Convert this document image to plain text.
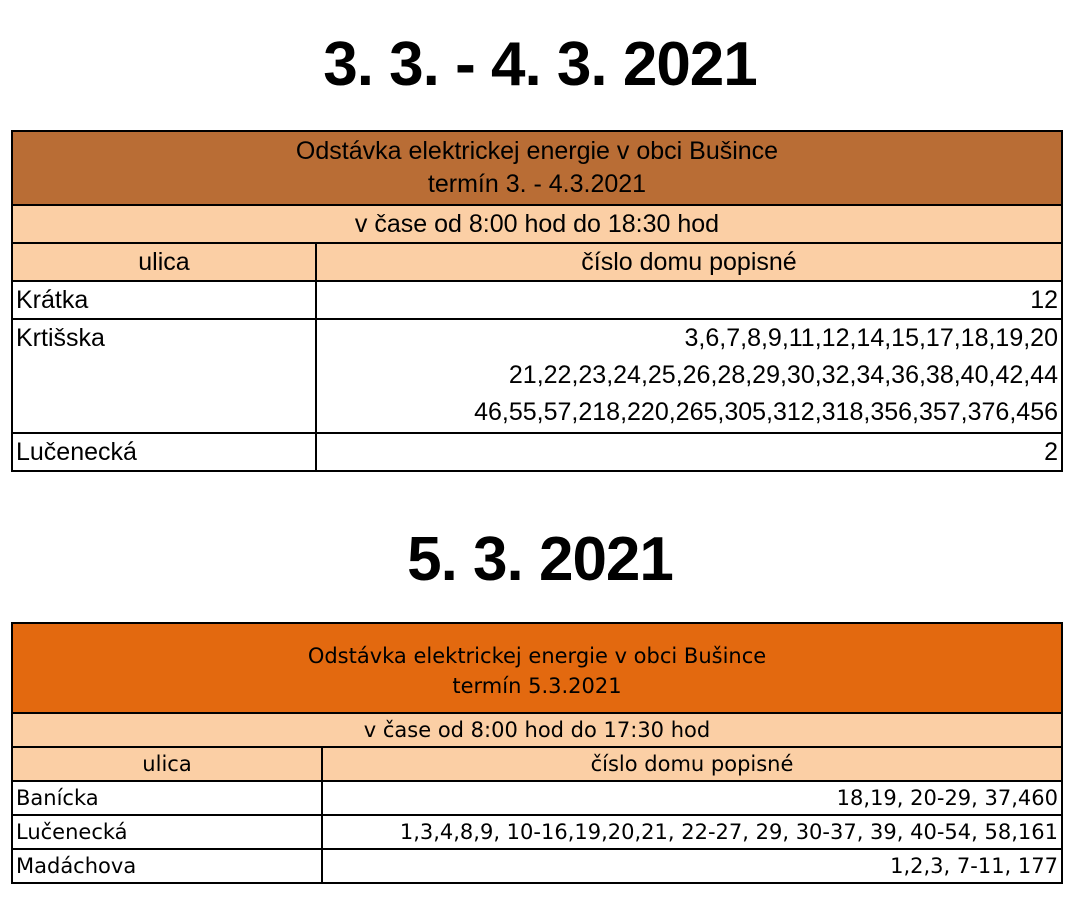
3. 3. - 4. 3. 2021
Odstávka elektrickej energie v obci Bušince
termín 3. - 4.3.2021	

v čase od 8:00 hod do 18:30 hod	
ulica	číslo domu popisné
Krátka	12
Krtišska	3,6,7,8,9,11,12,14,15,17,18,19,20
21,22,23,24,25,26,28,29,30,32,34,36,38,40,42,44
46,55,57,218,220,265,305,312,318,356,357,376,456

Lučenecká	2
5. 3. 2021
Odstávka elektrickej energie v obci Bušince
termín 5.3.2021	

v čase od 8:00 hod do 17:30 hod	
ulica	číslo domu popisné
Banícka	18,19, 20-29, 37,460
Lučenecká	1,3,4,8,9, 10-16,19,20,21, 22-27, 29, 30-37, 39, 40-54, 58,161
Madáchova	1,2,3, 7-11, 177
